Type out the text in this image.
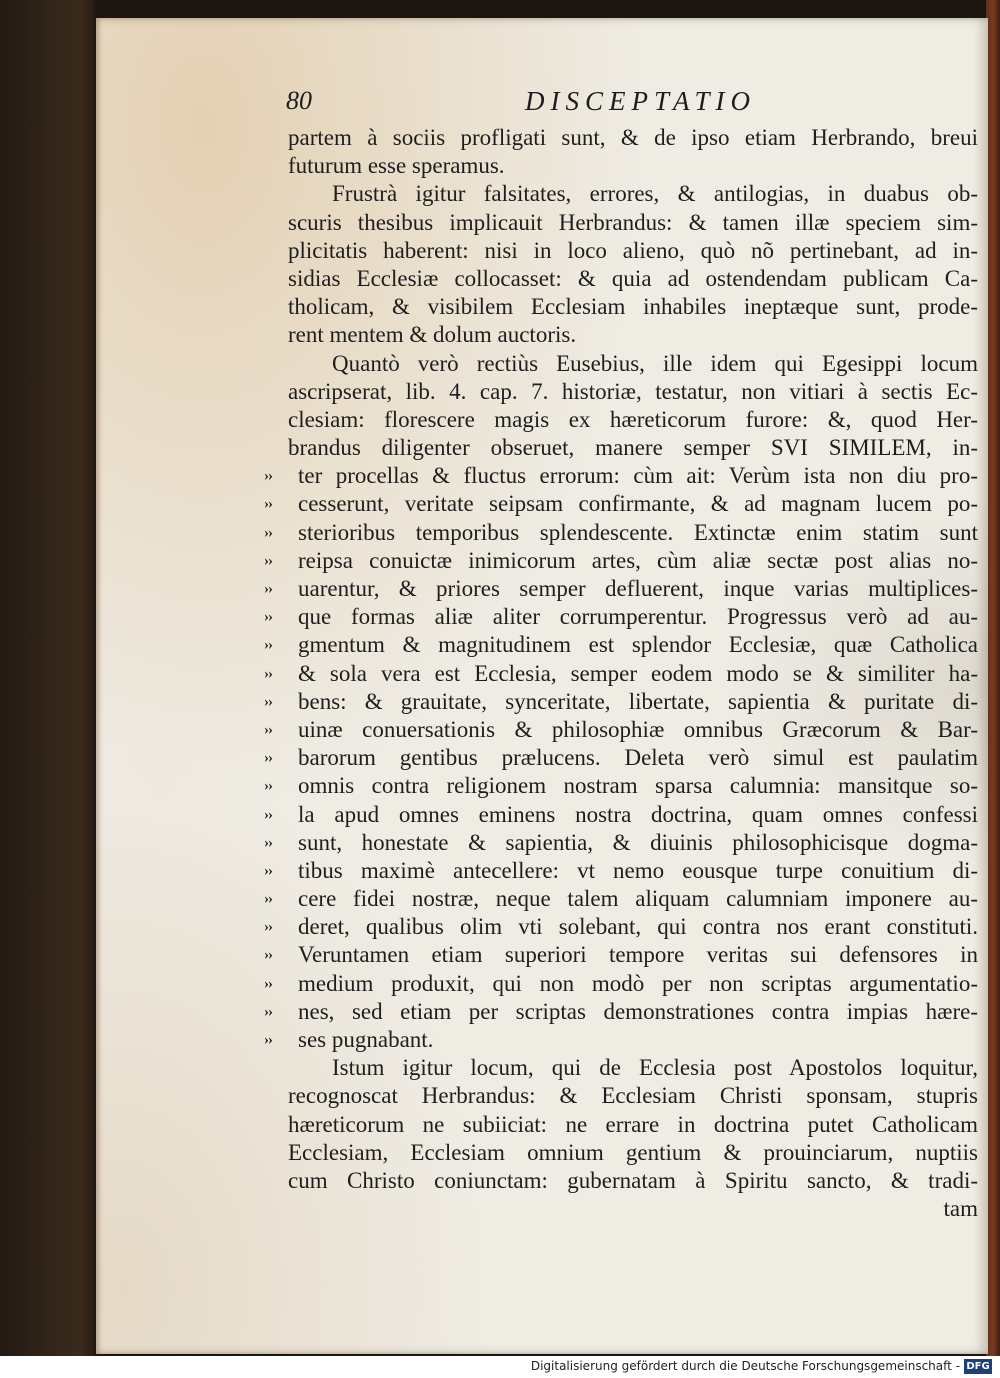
80	DISCEPTATIO
partem à sociis profligati sunt, & de ipso etiam Herbrando, breui
futurum esse speramus.
Frustrà igitur falsitates, errores, & antilogias, in duabus ob-
scuris thesibus implicauit Herbrandus: & tamen illæ speciem sim-
plicitatis haberent: nisi in loco alieno, quò nõ pertinebant, ad in-
sidias Ecclesiæ collocasset: & quia ad ostendendam publicam Ca-
tholicam, & visibilem Ecclesiam inhabiles ineptæque sunt, prode-
rent mentem & dolum auctoris.
Quantò verò rectiùs Eusebius, ille idem qui Egesippi locum
ascripserat, lib. 4. cap. 7. historiæ, testatur, non vitiari à sectis Ec-
clesiam: florescere magis ex hæreticorum furore: &, quod Her-
brandus diligenter obseruet, manere semper SVI SIMILEM, in-
›› ter procellas & fluctus errorum: cùm ait: Verùm ista non diu pro-
›› cesserunt, veritate seipsam confirmante, & ad magnam lucem po-
›› sterioribus temporibus splendescente. Extinctæ enim statim sunt
›› reipsa conuictæ inimicorum artes, cùm aliæ sectæ post alias no-
›› uarentur, & priores semper defluerent, inque varias multiplices-
›› que formas aliæ aliter corrumperentur. Progressus verò ad au-
›› gmentum & magnitudinem est splendor Ecclesiæ, quæ Catholica
›› & sola vera est Ecclesia, semper eodem modo se & similiter ha-
›› bens: & grauitate, synceritate, libertate, sapientia & puritate di-
›› uinæ conuersationis & philosophiæ omnibus Græcorum & Bar-
›› barorum gentibus prælucens. Deleta verò simul est paulatim
›› omnis contra religionem nostram sparsa calumnia: mansitque so-
›› la apud omnes eminens nostra doctrina, quam omnes confessi
›› sunt, honestate & sapientia, & diuinis philosophicisque dogma-
›› tibus maximè antecellere: vt nemo eousque turpe conuitium di-
›› cere fidei nostræ, neque talem aliquam calumniam imponere au-
›› deret, qualibus olim vti solebant, qui contra nos erant constituti.
›› Veruntamen etiam superiori tempore veritas sui defensores in
›› medium produxit, qui non modò per non scriptas argumentatio-
›› nes, sed etiam per scriptas demonstrationes contra impias hære-
›› ses pugnabant.
Istum igitur locum, qui de Ecclesia post Apostolos loquitur,
recognoscat Herbrandus: & Ecclesiam Christi sponsam, stupris
hæreticorum ne subiiciat: ne errare in doctrina putet Catholicam
Ecclesiam, Ecclesiam omnium gentium & prouinciarum, nuptiis
cum Christo coniunctam: gubernatam à Spiritu sancto, & tradi-
tam
Digitalisierung gefördert durch die Deutsche Forschungsgemeinschaft - DFG
